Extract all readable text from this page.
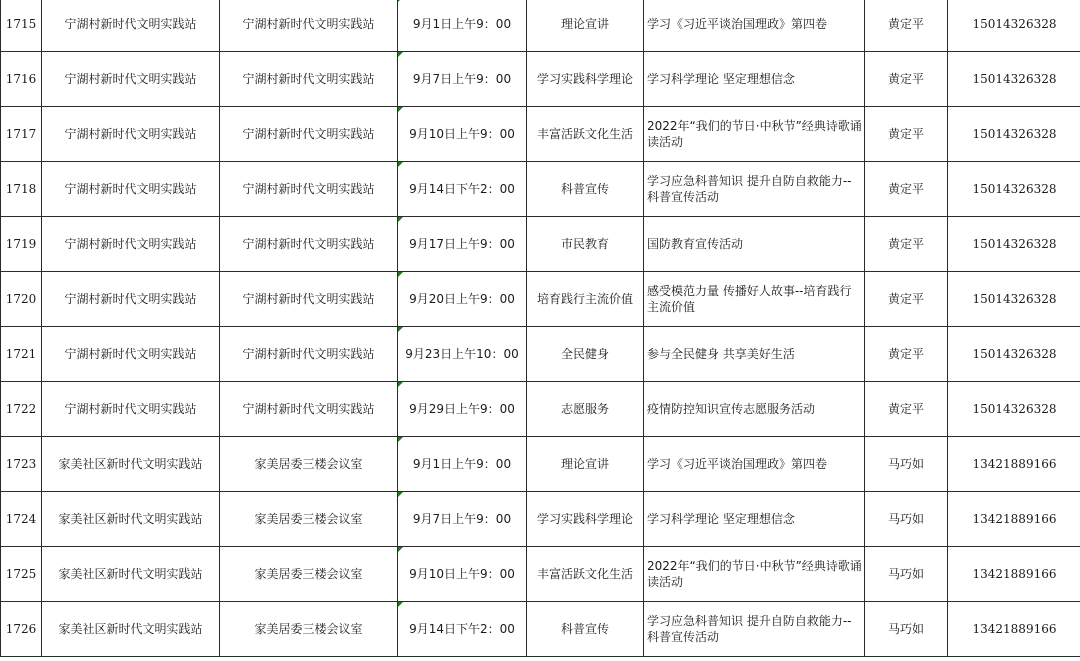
1715	宁湖村新时代文明实践站	宁湖村新时代文明实践站	9月1日上午9：00	理论宣讲	学习《习近平谈治国理政》第四卷	黄定平	15014326328
1716	宁湖村新时代文明实践站	宁湖村新时代文明实践站	9月7日上午9：00	学习实践科学理论	学习科学理论 坚定理想信念	黄定平	15014326328
1717	宁湖村新时代文明实践站	宁湖村新时代文明实践站	9月10日上午9：00	丰富活跃文化生活	2022年“我们的节日·中秋节”经典诗歌诵读活动	黄定平	15014326328
1718	宁湖村新时代文明实践站	宁湖村新时代文明实践站	9月14日下午2：00	科普宣传	学习应急科普知识 提升自防自救能力--科普宣传活动	黄定平	15014326328
1719	宁湖村新时代文明实践站	宁湖村新时代文明实践站	9月17日上午9：00	市民教育	国防教育宣传活动	黄定平	15014326328
1720	宁湖村新时代文明实践站	宁湖村新时代文明实践站	9月20日上午9：00	培育践行主流价值	感受模范力量 传播好人故事--培育践行主流价值	黄定平	15014326328
1721	宁湖村新时代文明实践站	宁湖村新时代文明实践站	9月23日上午10：00	全民健身	参与全民健身 共享美好生活	黄定平	15014326328
1722	宁湖村新时代文明实践站	宁湖村新时代文明实践站	9月29日上午9：00	志愿服务	疫情防控知识宣传志愿服务活动	黄定平	15014326328
1723	家美社区新时代文明实践站	家美居委三楼会议室	9月1日上午9：00	理论宣讲	学习《习近平谈治国理政》第四卷	马巧如	13421889166
1724	家美社区新时代文明实践站	家美居委三楼会议室	9月7日上午9：00	学习实践科学理论	学习科学理论 坚定理想信念	马巧如	13421889166
1725	家美社区新时代文明实践站	家美居委三楼会议室	9月10日上午9：00	丰富活跃文化生活	2022年“我们的节日·中秋节”经典诗歌诵读活动	马巧如	13421889166
1726	家美社区新时代文明实践站	家美居委三楼会议室	9月14日下午2：00	科普宣传	学习应急科普知识 提升自防自救能力--科普宣传活动	马巧如	13421889166
